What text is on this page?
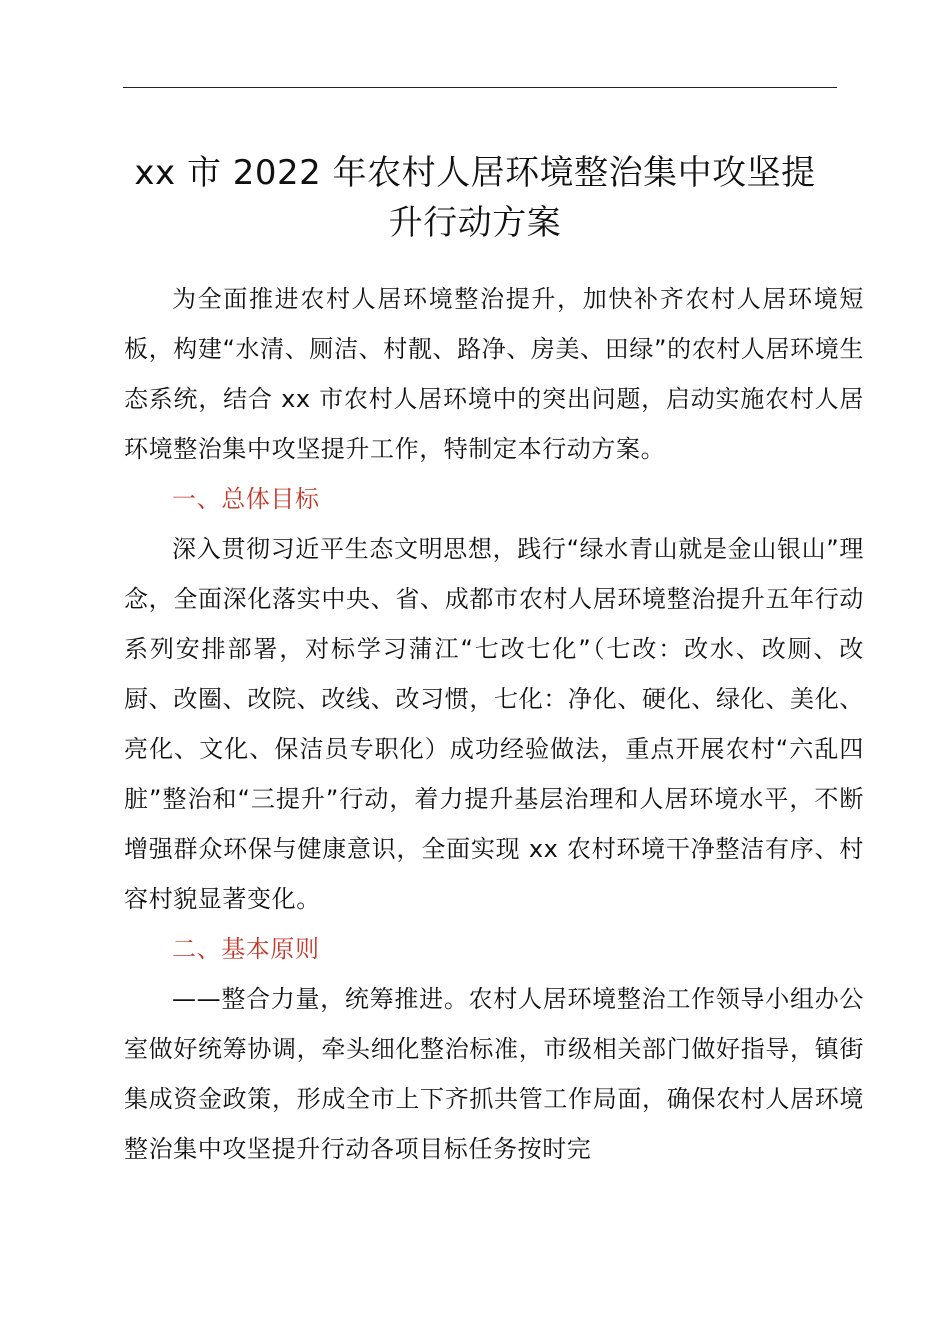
xx 市 2022 年农村人居环境整治集中攻坚提
升行动方案

为全面推进农村人居环境整治提升，加快补齐农村人居环境短板，构建“水清、厕洁、村靓、路净、房美、田绿”的农村人居环境生态系统，结合 xx 市农村人居环境中的突出问题，启动实施农村人居环境整治集中攻坚提升工作，特制定本行动方案。

一、总体目标

深入贯彻习近平生态文明思想，践行“绿水青山就是金山银山”理念，全面深化落实中央、省、成都市农村人居环境整治提升五年行动系列安排部署，对标学习蒲江“七改七化”（七改：改水、改厕、改厨、改圈、改院、改线、改习惯，七化：净化、硬化、绿化、美化、亮化、文化、保洁员专职化）成功经验做法，重点开展农村“六乱四脏”整治和“三提升”行动，着力提升基层治理和人居环境水平，不断增强群众环保与健康意识，全面实现 xx 农村环境干净整洁有序、村容村貌显著变化。

二、基本原则

——整合力量，统筹推进。农村人居环境整治工作领导小组办公室做好统筹协调，牵头细化整治标准，市级相关部门做好指导，镇街集成资金政策，形成全市上下齐抓共管工作局面，确保农村人居环境整治集中攻坚提升行动各项目标任务按时完
